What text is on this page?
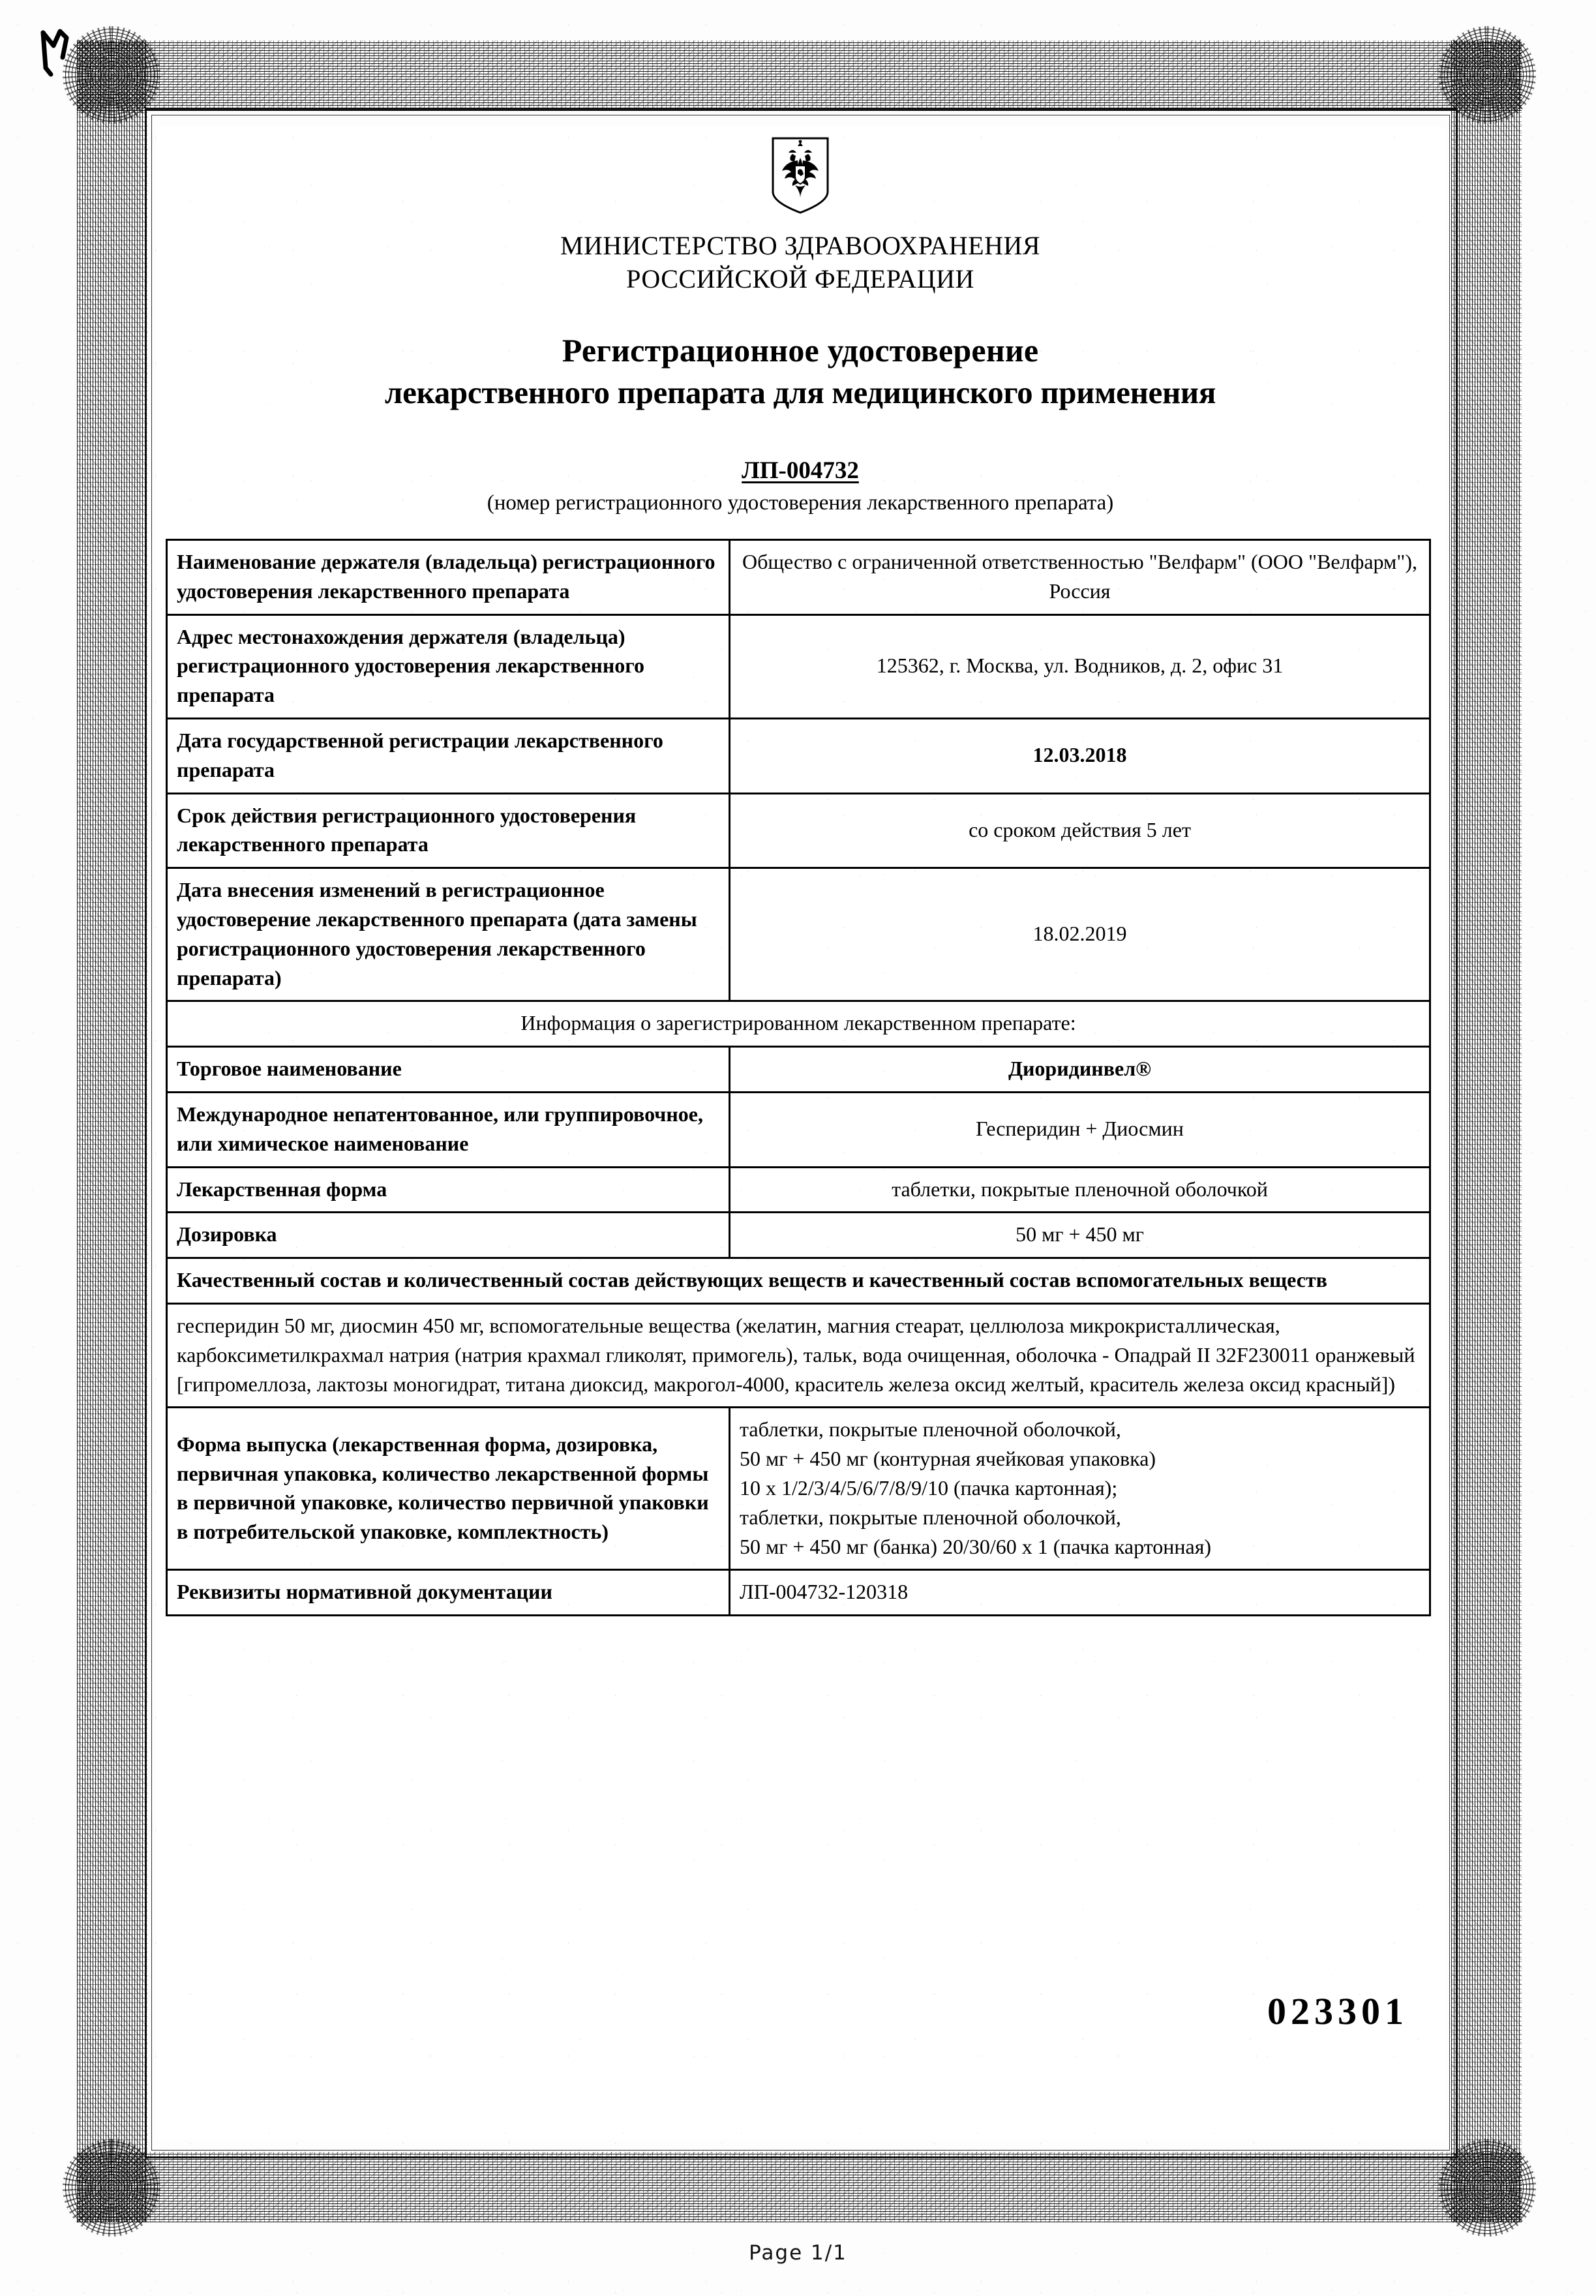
МИНИСТЕРСТВО ЗДРАВООХРАНЕНИЯ
РОССИЙСКОЙ ФЕДЕРАЦИИ
Регистрационное удостоверение
лекарственного препарата для медицинского применения
ЛП-004732
(номер регистрационного удостоверения лекарственного препарата)
Наименование держателя (владельца) регистрационного удостоверения лекарственного препарата	Общество с ограниченной ответственностью "Велфарм" (ООО "Велфарм"), Россия
Адрес местонахождения держателя (владельца) регистрационного удостоверения лекарственного препарата	125362, г. Москва, ул. Водников, д. 2, офис 31
Дата государственной регистрации лекарственного препарата	12.03.2018
Срок действия регистрационного удостоверения лекарственного препарата	со сроком действия 5 лет
Дата внесения изменений в регистрационное удостоверение лекарственного препарата (дата замены рогистрационного удостоверения лекарственного препарата)	18.02.2019
Информация о зарегистрированном лекарственном препарате:	
Торговое наименование	Диоридинвел®
Международное непатентованное, или группировочное, или химическое наименование	Гесперидин + Диосмин
Лекарственная форма	таблетки, покрытые пленочной оболочкой
Дозировка	50 мг + 450 мг
Качественный состав и количественный состав действующих веществ и качественный состав вспомогательных веществ	
гесперидин 50 мг, диосмин 450 мг, вспомогательные вещества (желатин, магния стеарат, целлюлоза микрокристаллическая, карбоксиметилкрахмал натрия (натрия крахмал гликолят, примогель), тальк, вода очищенная, оболочка - Опадрай II 32F230011 оранжевый [гипромеллоза, лактозы моногидрат, титана диоксид, макрогол-4000, краситель железа оксид желтый, краситель железа оксид красный])	
Форма выпуска (лекарственная форма, дозировка, первичная упаковка, количество лекарственной формы в первичной упаковке, количество первичной упаковки в потребительской упаковке, комплектность)	таблетки, покрытые пленочной оболочкой,
50 мг + 450 мг (контурная ячейковая упаковка)
10 x 1/2/3/4/5/6/7/8/9/10 (пачка картонная);
таблетки, покрытые пленочной оболочкой,
50 мг + 450 мг (банка) 20/30/60 х 1 (пачка картонная)

Реквизиты нормативной документации	ЛП-004732-120318
023301
Page 1/1
